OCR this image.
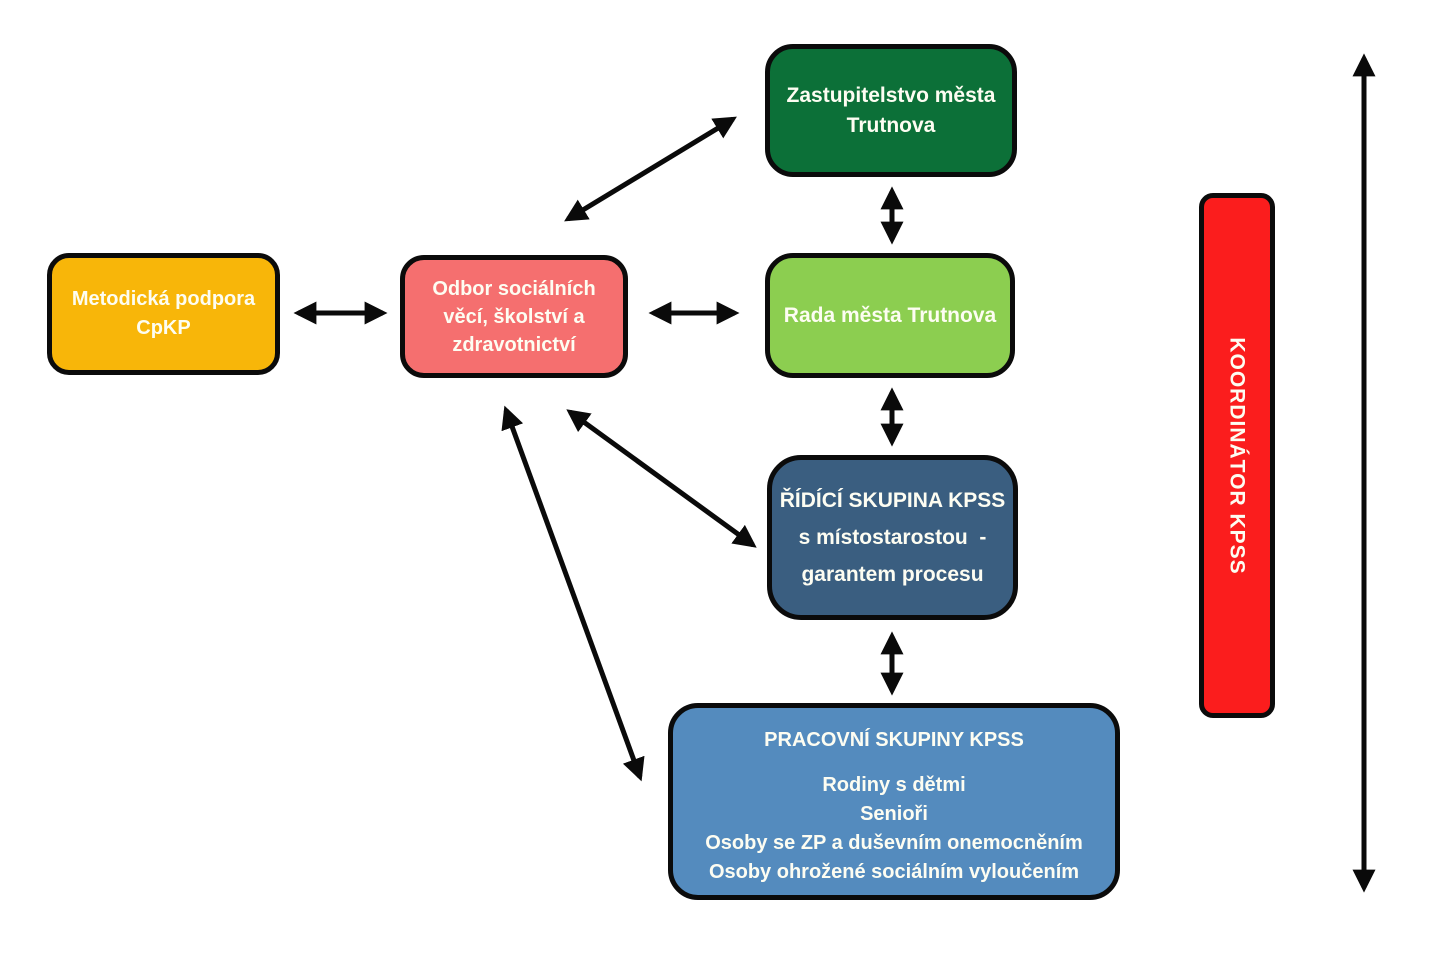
Metodická podpora
CpKP
Odbor sociálních
věcí, školství a
zdravotnictví
Zastupitelstvo města
Trutnova
Rada města Trutnova
ŘÍDÍCÍ SKUPINA KPSS
s místostarostou  -
garantem procesu
PRACOVNÍ SKUPINY KPSS
Rodiny s dětmi
Senioři
Osoby se ZP a duševním onemocněním
Osoby ohrožené sociálním vyloučením
KOORDINÁTOR KPSS
